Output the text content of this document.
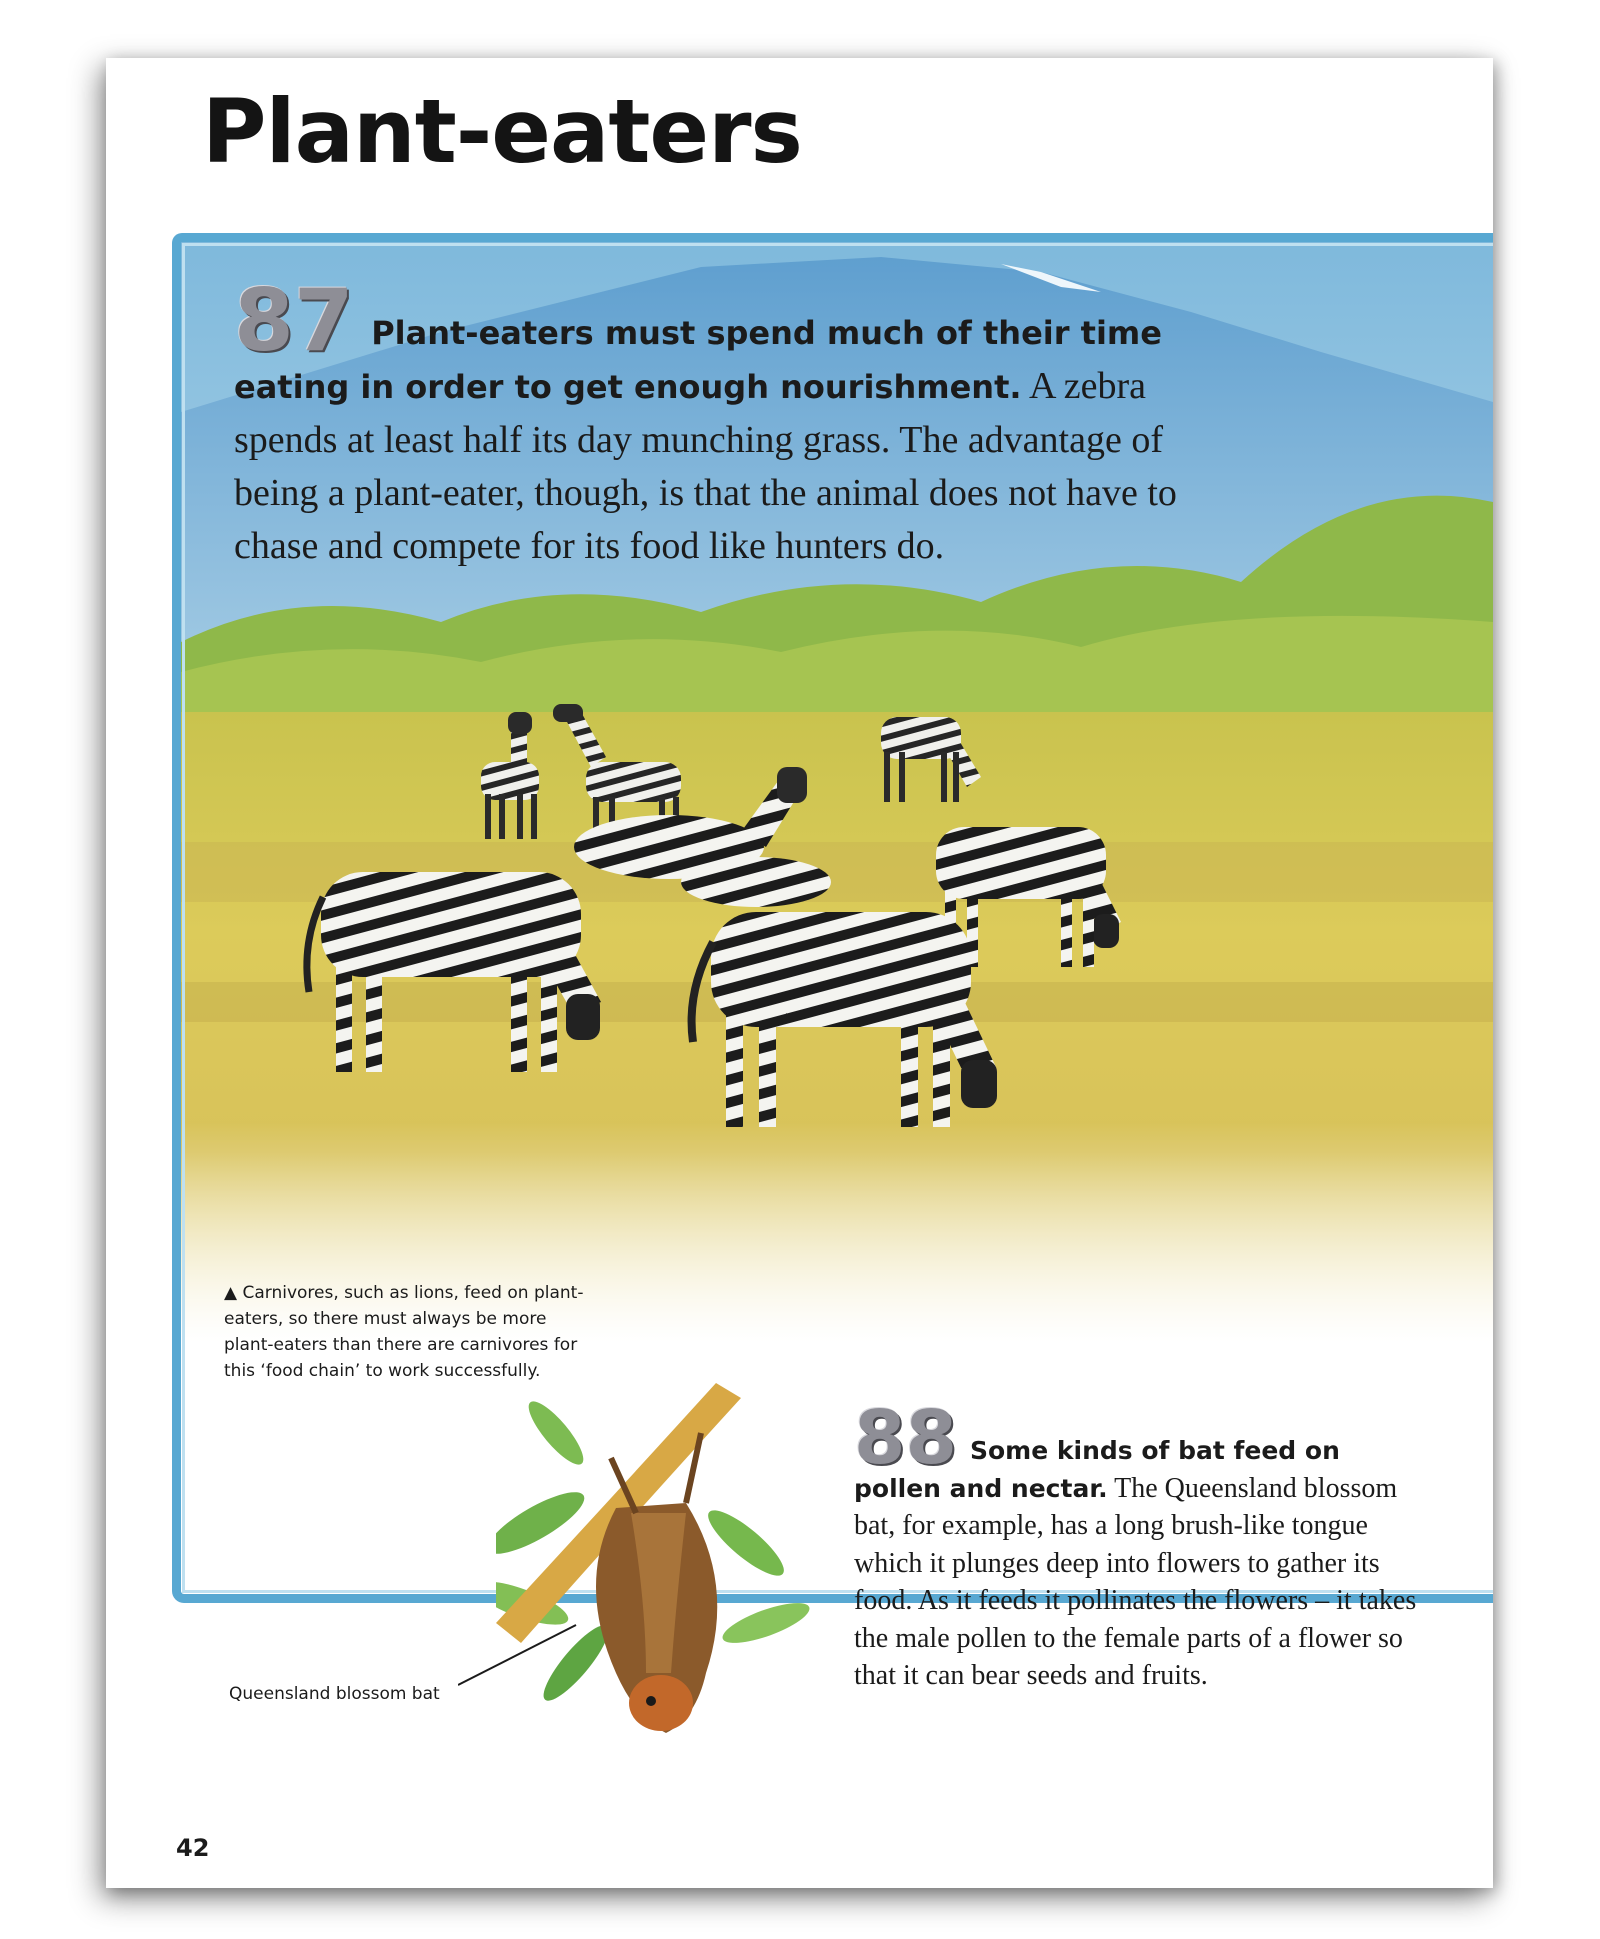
Plant-eaters
87 Plant-eaters must spend much of their time eating in order to get enough nourishment. A zebra spends at least half its day munching grass. The advantage of being a plant-eater, though, is that the animal does not have to chase and compete for its food like hunters do.
▲ Carnivores, such as lions, feed on plant-eaters, so there must always be more plant-eaters than there are carnivores for this ‘food chain’ to work successfully.
Queensland blossom bat
88 Some kinds of bat feed on pollen and nectar. The Queensland blossom bat, for example, has a long brush-like tongue which it plunges deep into flowers to gather its food. As it feeds it pollinates the flowers – it takes the male pollen to the female parts of a flower so that it can bear seeds and fruits.
42
